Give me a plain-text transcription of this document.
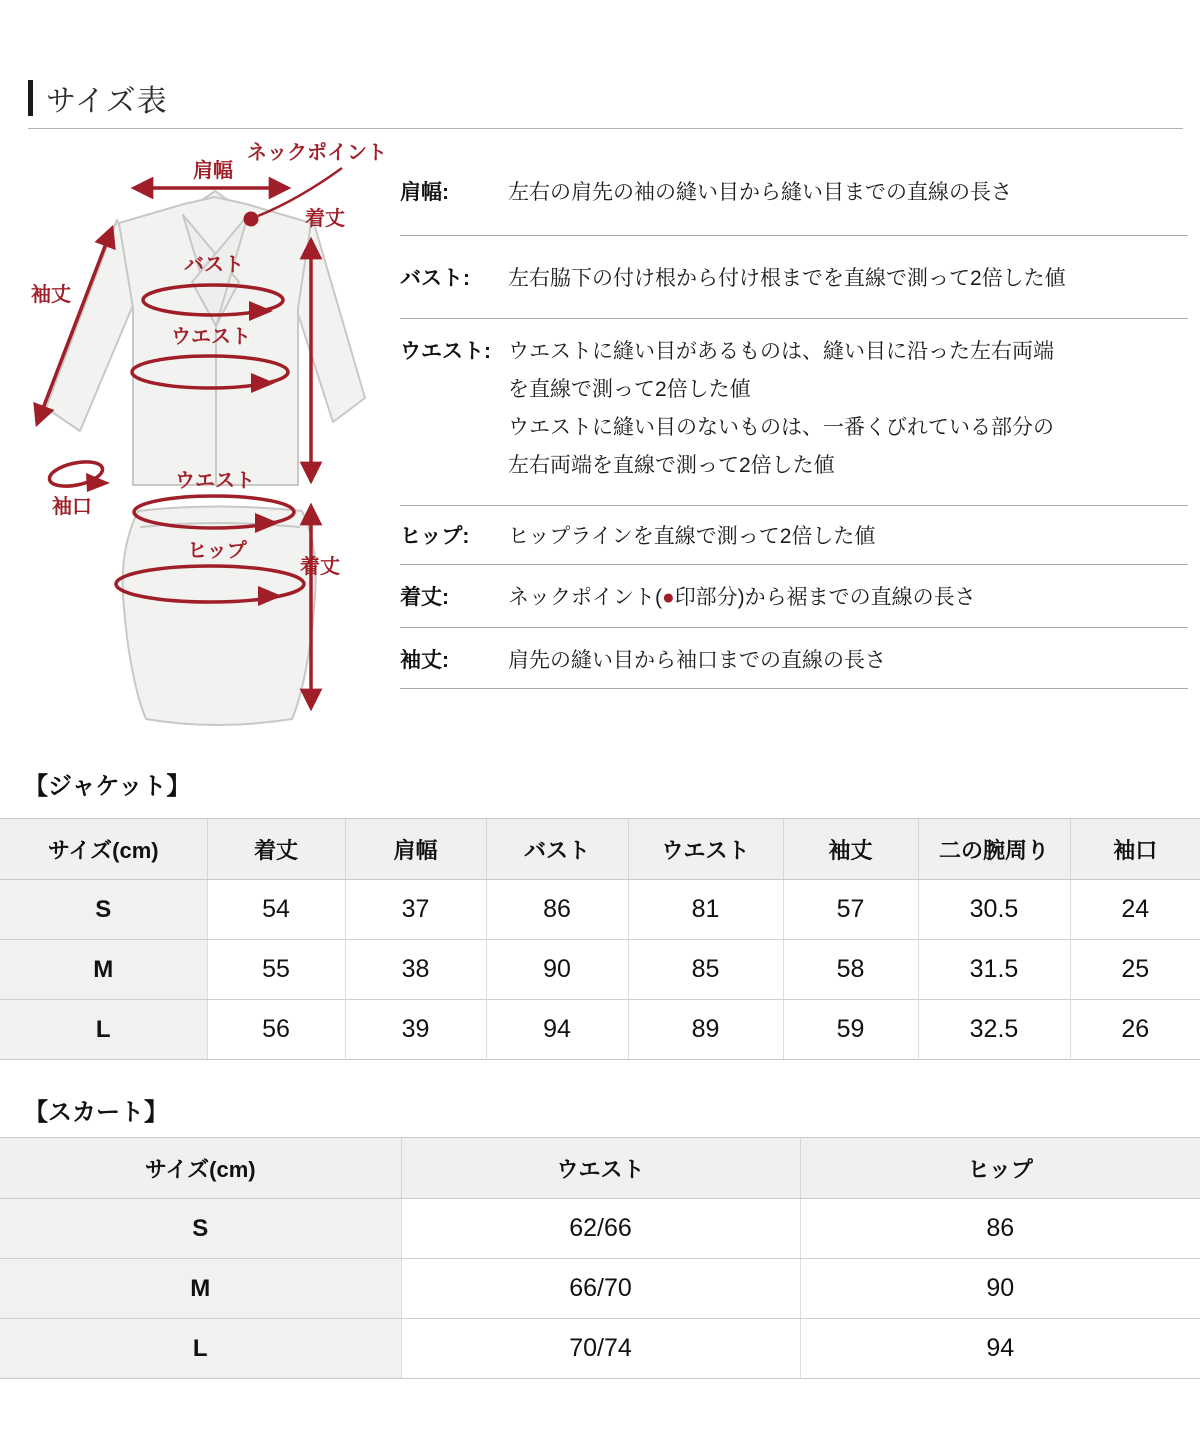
サイズ表
肩幅
ネックポイント
着丈
袖丈
バスト
ウエスト
袖口
ウエスト
ヒップ
着丈
肩幅:	左右の肩先の袖の縫い目から縫い目までの直線の長さ
バスト:	左右脇下の付け根から付け根までを直線で測って2倍した値
ウエスト: ウエストに縫い目があるものは、縫い目に沿った左右両端
を直線で測って2倍した値
ウエストに縫い目のないものは、一番くびれている部分の
左右両端を直線で測って2倍した値
ヒップ:	ヒップラインを直線で測って2倍した値
着丈:	ネックポイント(●印部分)から裾までの直線の長さ
袖丈:	肩先の縫い目から袖口までの直線の長さ
【ジャケット】
サイズ(cm)	着丈	肩幅	バスト	ウエスト	袖丈	二の腕周り	袖口
S	54	37	86	81	57	30.5	24
M	55	38	90	85	58	31.5	25
L	56	39	94	89	59	32.5	26
【スカート】
サイズ(cm)	ウエスト	ヒップ
S	62/66	86
M	66/70	90
L	70/74	94
